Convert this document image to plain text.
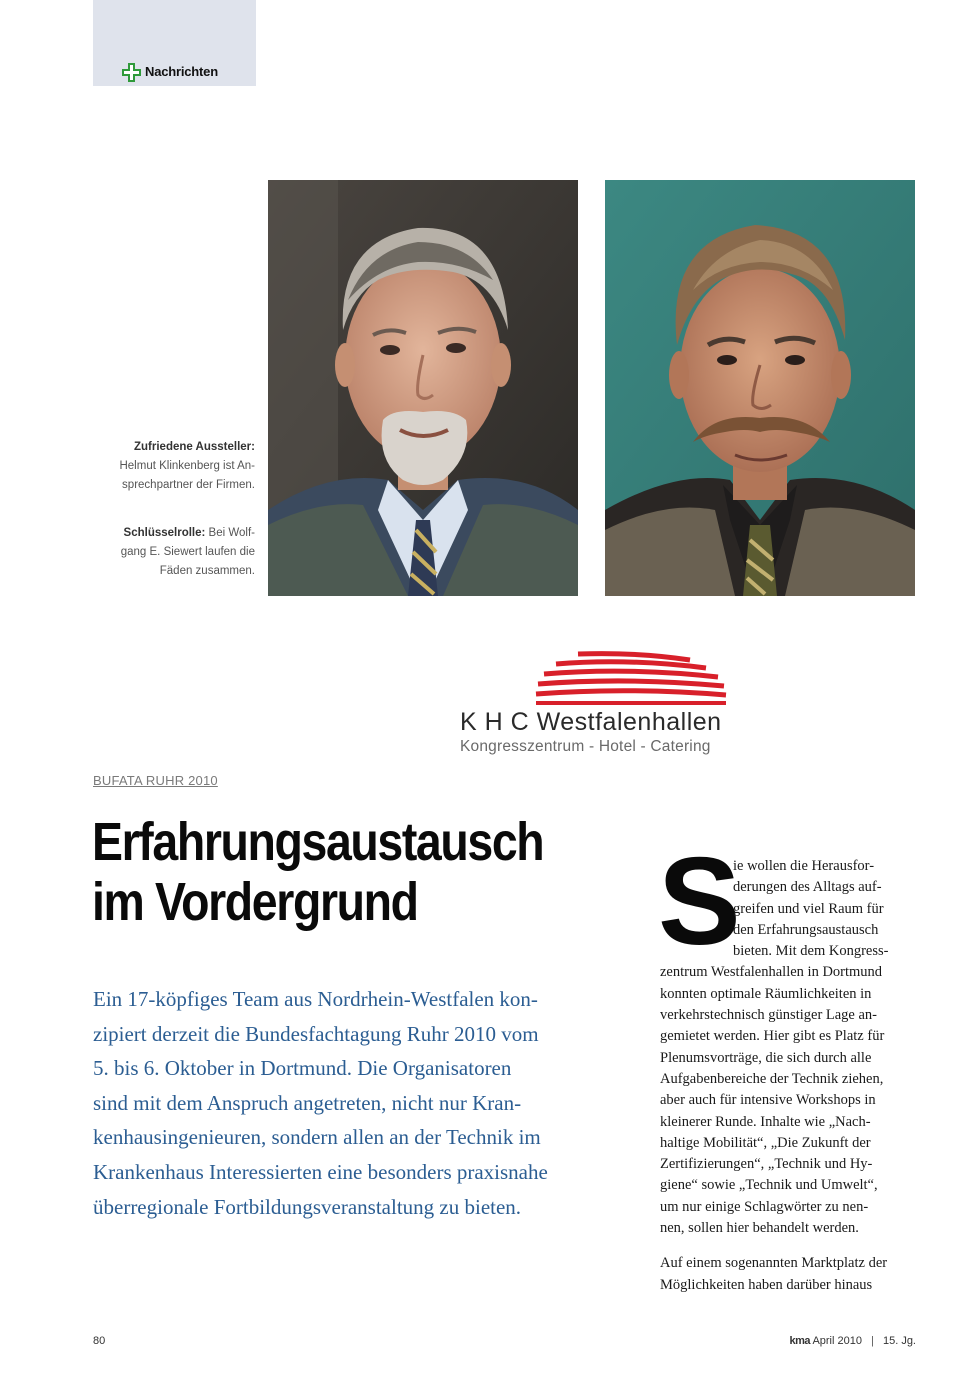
Nachrichten
Zufriedene Aussteller:
Helmut Klinkenberg ist An-
sprechpartner der Firmen.
Schlüsselrolle: Bei Wolf-
gang E. Siewert laufen die
Fäden zusammen.
K H C Westfalenhallen
Kongresszentrum - Hotel - Catering
BUFATA RUHR 2010
Erfahrungsaustausch
im Vordergrund
Ein 17-köpfiges Team aus Nordrhein-Westfalen kon-
zipiert derzeit die Bundesfachtagung Ruhr 2010 vom
5. bis 6. Oktober in Dortmund. Die Organisatoren
sind mit dem Anspruch angetreten, nicht nur Kran-
kenhausingenieuren, sondern allen an der Technik im
Krankenhaus Interessierten eine besonders praxisnahe
überregionale Fortbildungsveranstaltung zu bieten.
S
ie wollen die Herausfor-
derungen des Alltags auf-
greifen und viel Raum für
den Erfahrungsaustausch
bieten. Mit dem Kongress-
zentrum Westfalenhallen in Dortmund
konnten optimale Räumlichkeiten in
verkehrstechnisch günstiger Lage an-
gemietet werden. Hier gibt es Platz für
Plenumsvorträge, die sich durch alle
Aufgabenbereiche der Technik ziehen,
aber auch für intensive Workshops in
kleinerer Runde. Inhalte wie „Nach-
haltige Mobilität“, „Die Zukunft der
Zertifizierungen“, „Technik und Hy-
giene“ sowie „Technik und Umwelt“,
um nur einige Schlagwörter zu nen-
nen, sollen hier behandelt werden.
Auf einem sogenannten Marktplatz der
Möglichkeiten haben darüber hinaus
80	kma April 2010 | 15. Jg.
